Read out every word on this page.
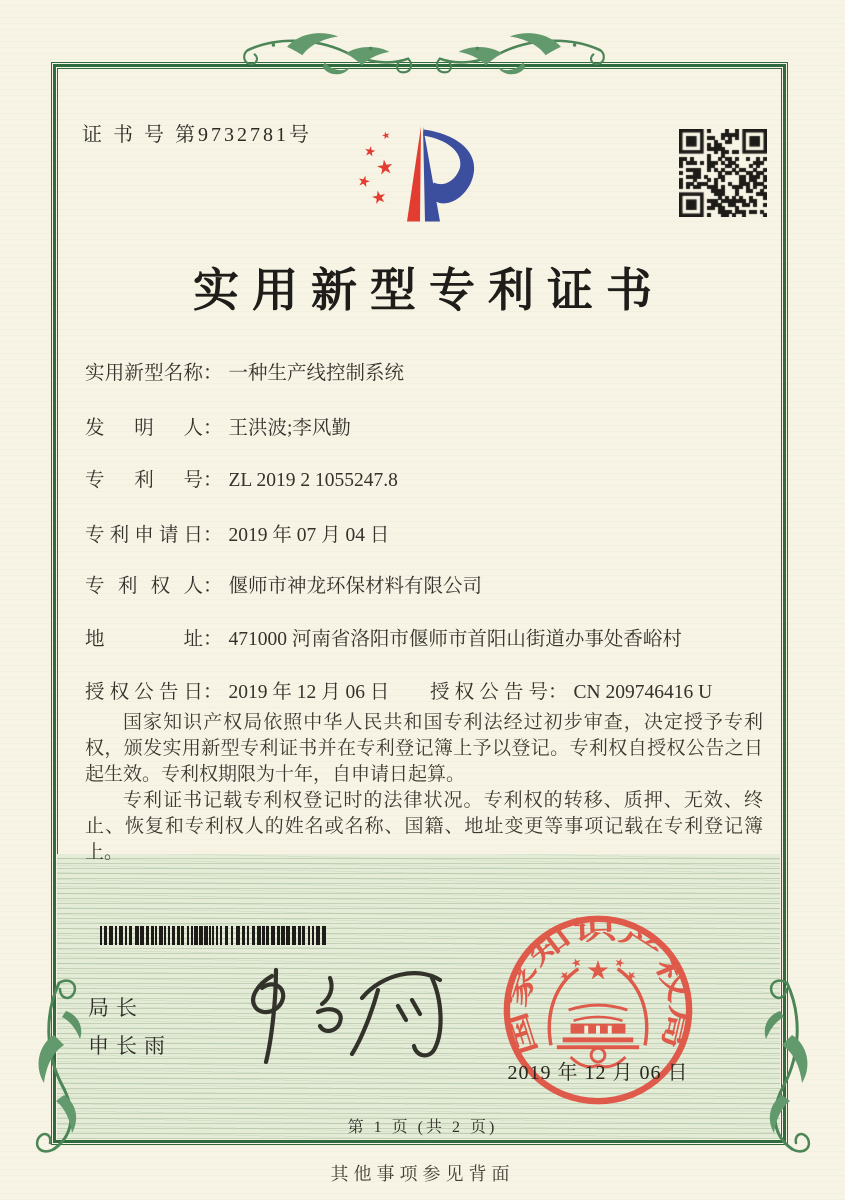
证 书 号 第9732781号
实用新型专利证书
实用新型名称： 一种生产线控制系统
发明人： 王洪波;李风勤
专利号： ZL 2019 2 1055247.8
专利申请日： 2019 年 07 月 04 日
专利权人： 偃师市神龙环保材料有限公司
地址： 471000 河南省洛阳市偃师市首阳山街道办事处香峪村
授权公告日： 2019 年 12 月 06 日 授权公告号： CN 209746416 U

国家知识产权局依照中华人民共和国专利法经过初步审查，决定授予专利权，颁发实用新型专利证书并在专利登记簿上予以登记。专利权自授权公告之日起生效。专利权期限为十年，自申请日起算。

专利证书记载专利权登记时的法律状况。专利权的转移、质押、无效、终止、恢复和专利权人的姓名或名称、国籍、地址变更等事项记载在专利登记簿上。

局长
申长雨	国家知识产权局
2019 年 12 月 06 日
第 1 页 (共 2 页)
其他事项参见背面
